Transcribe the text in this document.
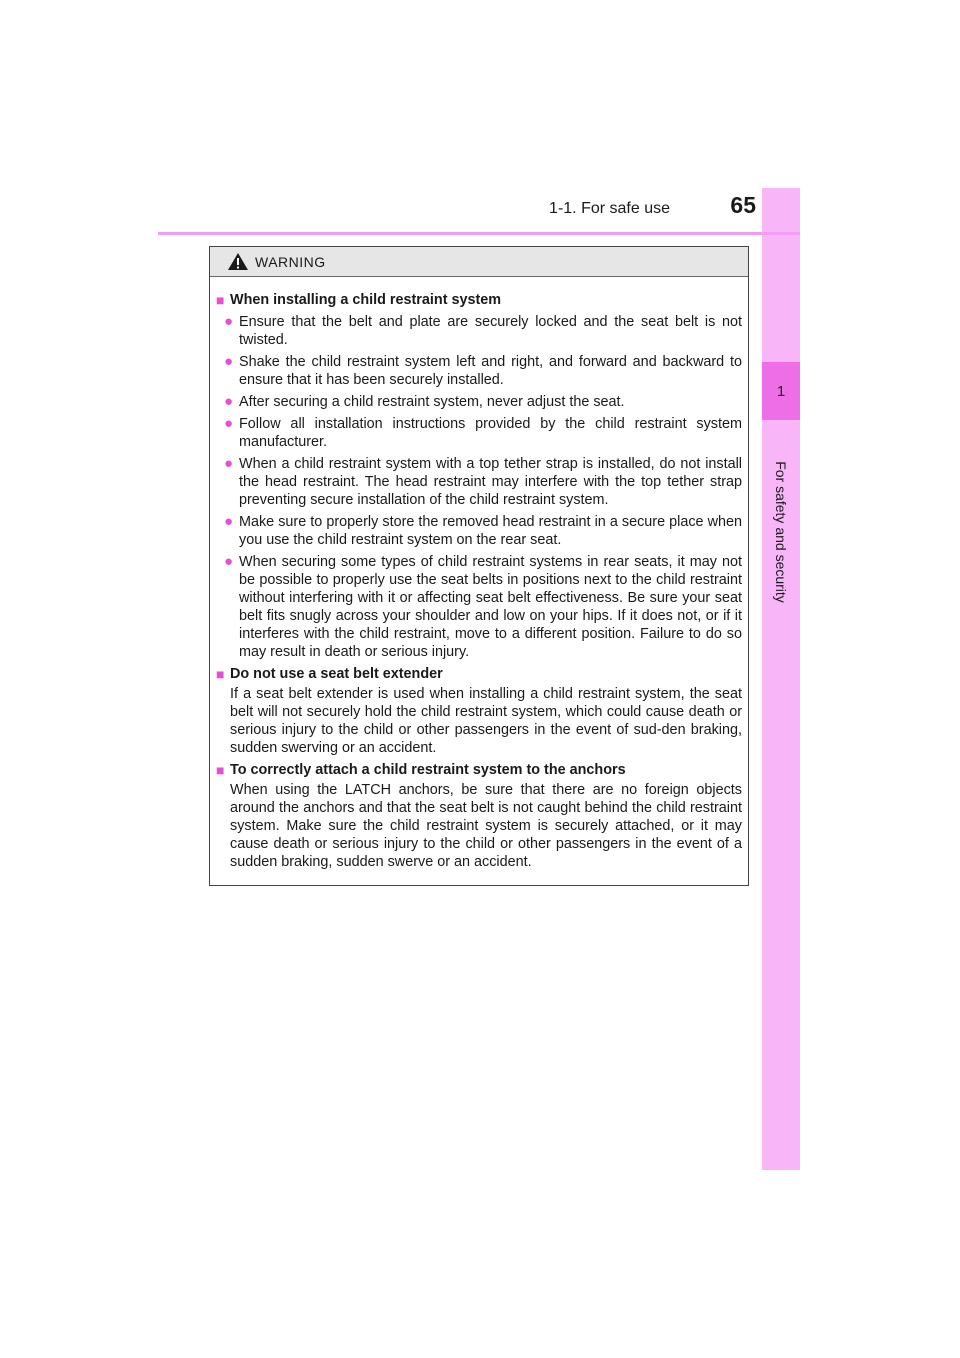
1-1. For safe use	65
1
For safety and security
WARNING
■ When installing a child restraint system
● Ensure that the belt and plate are securely locked and the seat belt is not twisted.
● Shake the child restraint system left and right, and forward and backward to ensure that it has been securely installed.
● After securing a child restraint system, never adjust the seat.
● Follow all installation instructions provided by the child restraint system manufacturer.
● When a child restraint system with a top tether strap is installed, do not install the head restraint. The head restraint may interfere with the top tether strap preventing secure installation of the child restraint system.
● Make sure to properly store the removed head restraint in a secure place when you use the child restraint system on the rear seat.
● When securing some types of child restraint systems in rear seats, it may not be possible to properly use the seat belts in positions next to the child restraint without interfering with it or affecting seat belt effectiveness. Be sure your seat belt fits snugly across your shoulder and low on your hips. If it does not, or if it interferes with the child restraint, move to a different position. Failure to do so may result in death or serious injury.
■ Do not use a seat belt extender
If a seat belt extender is used when installing a child restraint system, the seat belt will not securely hold the child restraint system, which could cause death or serious injury to the child or other passengers in the event of sud-den braking, sudden swerving or an accident.
■ To correctly attach a child restraint system to the anchors
When using the LATCH anchors, be sure that there are no foreign objects around the anchors and that the seat belt is not caught behind the child restraint system. Make sure the child restraint system is securely attached, or it may cause death or serious injury to the child or other passengers in the event of a sudden braking, sudden swerve or an accident.
